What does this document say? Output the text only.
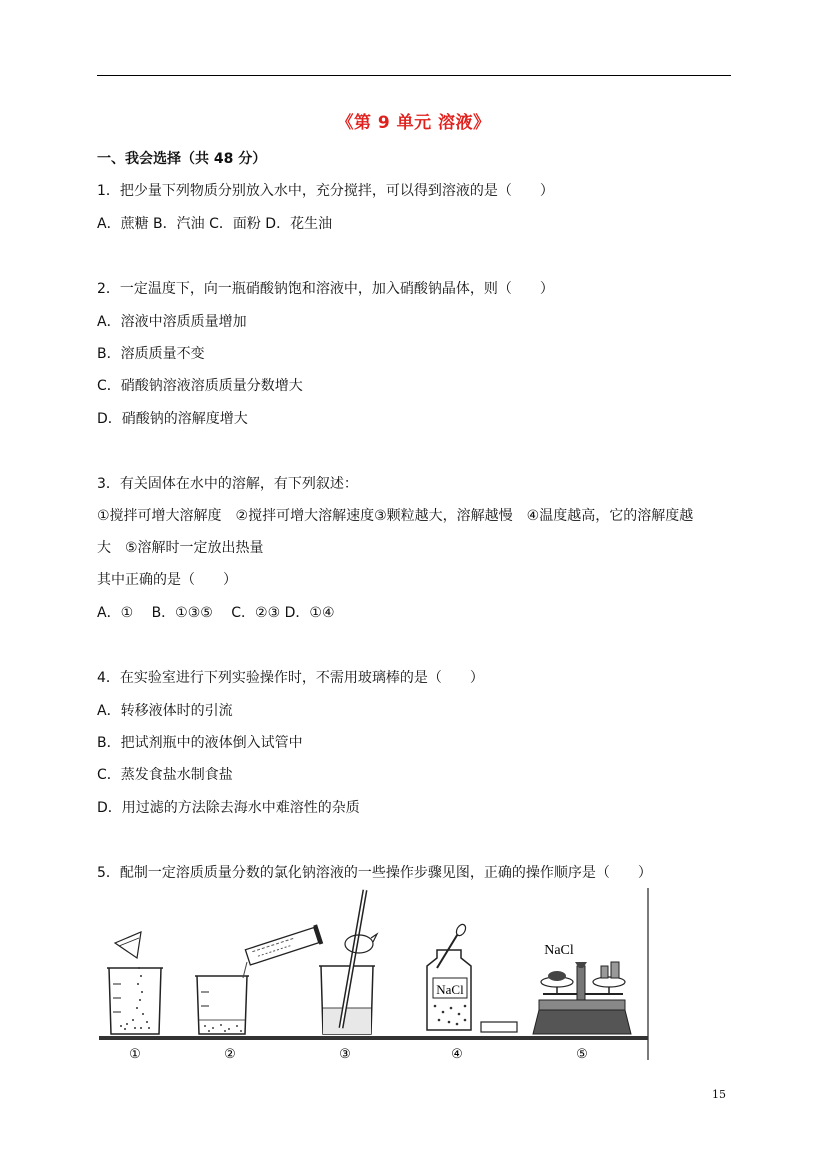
《第 9 单元 溶液》
一、我会选择（共 48 分）
1．把少量下列物质分别放入水中，充分搅拌，可以得到溶液的是（　　）
A．蔗糖 B．汽油 C．面粉 D．花生油
2．一定温度下，向一瓶硝酸钠饱和溶液中，加入硝酸钠晶体，则（　　）
A．溶液中溶质质量增加
B．溶质质量不变
C．硝酸钠溶液溶质质量分数增大
D．硝酸钠的溶解度增大
3．有关固体在水中的溶解，有下列叙述：
①搅拌可增大溶解度　②搅拌可增大溶解速度③颗粒越大，溶解越慢　④温度越高，它的溶解度越
大　⑤溶解时一定放出热量
其中正确的是（　　）
A．①　 B．①③⑤　 C．②③ D．①④
4．在实验室进行下列实验操作时，不需用玻璃棒的是（　　）
A．转移液体时的引流
B．把试剂瓶中的液体倒入试管中
C．蒸发食盐水制食盐
D．用过滤的方法除去海水中难溶性的杂质
5．配制一定溶质质量分数的氯化钠溶液的一些操作步骤见图，正确的操作顺序是（　　）
①	②	③
NaCl
④
NaCl
⑤
15
